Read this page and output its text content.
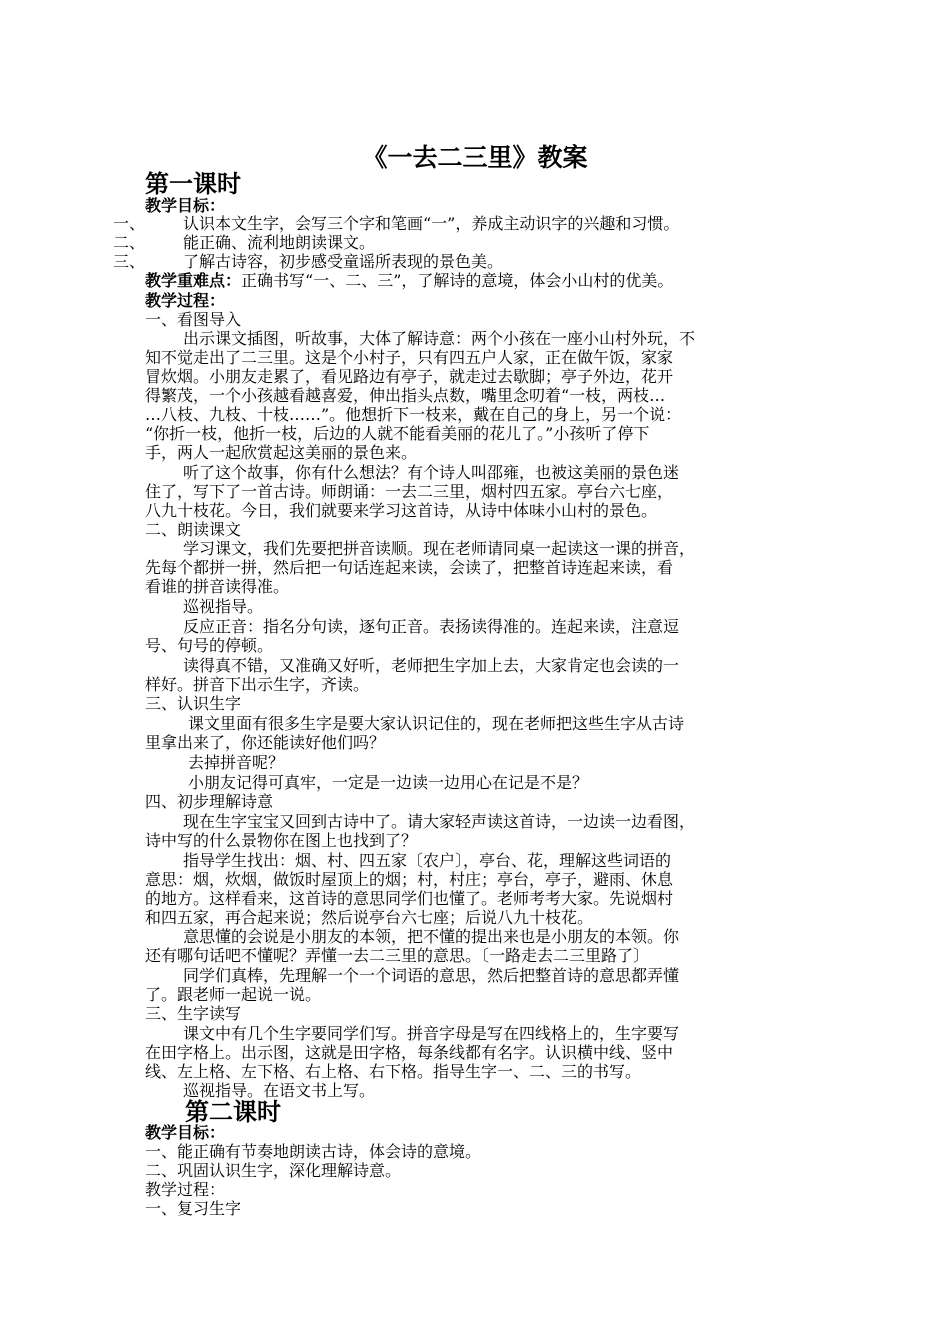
《一去二三里》教案
第一课时
教学目标：
一、 认识本文生字，会写三个字和笔画“一”，养成主动识字的兴趣和习惯。
二、 能正确、流利地朗读课文。
三、 了解古诗容，初步感受童谣所表现的景色美。
教学重难点：正确书写“一、二、三”，了解诗的意境，体会小山村的优美。
教学过程：
一、看图导入
出示课文插图，听故事，大体了解诗意：两个小孩在一座小山村外玩，不
知不觉走出了二三里。这是个小村子，只有四五户人家，正在做午饭，家家
冒炊烟。小朋友走累了，看见路边有亭子，就走过去歇脚；亭子外边，花开
得繁茂，一个小孩越看越喜爱，伸出指头点数，嘴里念叨着“一枝，两枝…
…八枝、九枝、十枝……”。他想折下一枝来，戴在自己的身上，另一个说：
“你折一枝，他折一枝，后边的人就不能看美丽的花儿了。”小孩听了停下
手，两人一起欣赏起这美丽的景色来。
听了这个故事，你有什么想法？有个诗人叫邵雍，也被这美丽的景色迷
住了，写下了一首古诗。师朗诵：一去二三里，烟村四五家。亭台六七座，
八九十枝花。今日，我们就要来学习这首诗，从诗中体味小山村的景色。
二、朗读课文
学习课文，我们先要把拼音读顺。现在老师请同桌一起读这一课的拼音，
先每个都拼一拼，然后把一句话连起来读，会读了，把整首诗连起来读，看
看谁的拼音读得准。
巡视指导。
反应正音：指名分句读，逐句正音。表扬读得准的。连起来读，注意逗
号、句号的停顿。
读得真不错，又准确又好听，老师把生字加上去，大家肯定也会读的一
样好。拼音下出示生字，齐读。
三、认识生字
课文里面有很多生字是要大家认识记住的，现在老师把这些生字从古诗
里拿出来了，你还能读好他们吗？
去掉拼音呢？
小朋友记得可真牢，一定是一边读一边用心在记是不是？
四、初步理解诗意
现在生字宝宝又回到古诗中了。请大家轻声读这首诗，一边读一边看图，
诗中写的什么景物你在图上也找到了？
指导学生找出：烟、村、四五家〔农户〕，亭台、花，理解这些词语的
意思：烟，炊烟，做饭时屋顶上的烟；村，村庄；亭台，亭子，避雨、休息
的地方。这样看来，这首诗的意思同学们也懂了。老师考考大家。先说烟村
和四五家，再合起来说；然后说亭台六七座；后说八九十枝花。
意思懂的会说是小朋友的本领，把不懂的提出来也是小朋友的本领。你
还有哪句话吧不懂呢？弄懂一去二三里的意思。〔一路走去二三里路了〕
同学们真棒，先理解一个一个词语的意思，然后把整首诗的意思都弄懂
了。跟老师一起说一说。
三、生字读写
课文中有几个生字要同学们写。拼音字母是写在四线格上的，生字要写
在田字格上。出示图，这就是田字格，每条线都有名字。认识横中线、竖中
线、左上格、左下格、右上格、右下格。指导生字一、二、三的书写。
巡视指导。在语文书上写。
第二课时
教学目标：
一、能正确有节奏地朗读古诗，体会诗的意境。
二、巩固认识生字，深化理解诗意。
教学过程：
一、复习生字
